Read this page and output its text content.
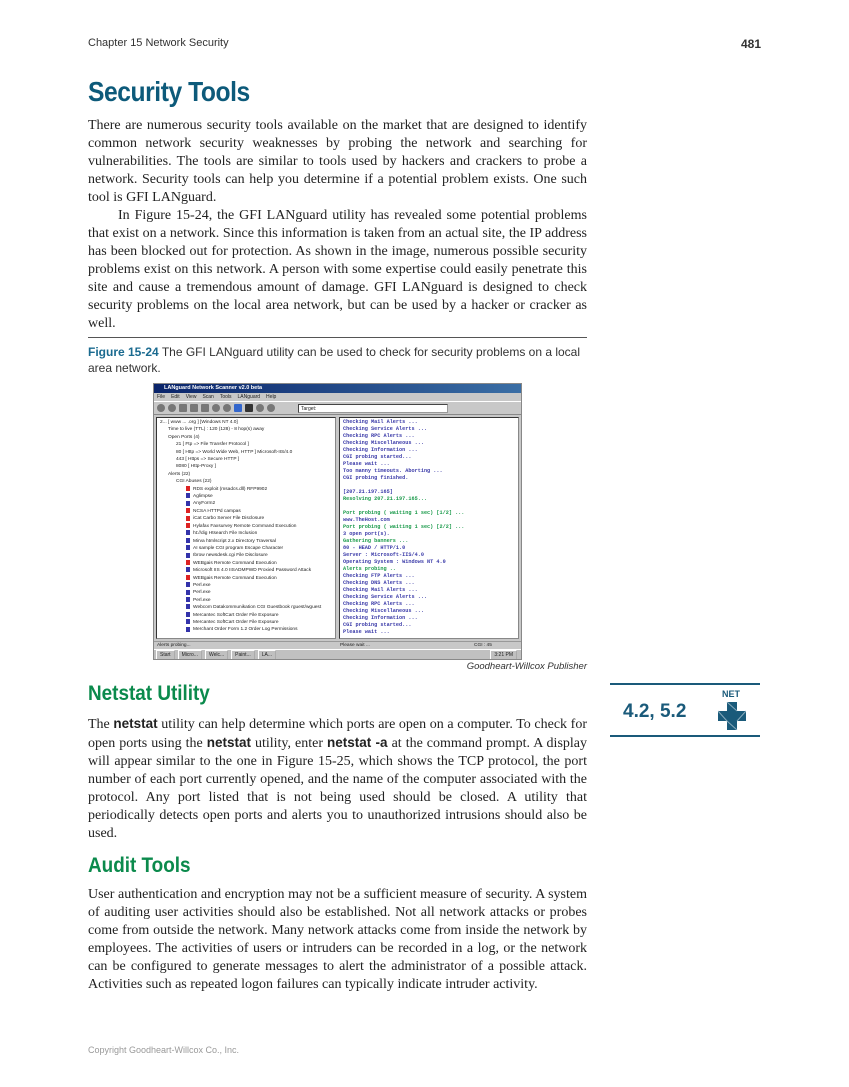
Chapter 15 Network Security	481
Security Tools
There are numerous security tools available on the market that are designed to identify common network security weaknesses by probing the network and searching for vulnerabilities. The tools are similar to tools used by hackers and crackers to probe a network. Security tools can help you determine if a potential problem exists. One such tool is GFI LANguard.
In Figure 15-24, the GFI LANguard utility has revealed some potential problems that exist on a network. Since this information is taken from an actual site, the IP address has been blocked out for protection. As shown in the image, numerous possible security problems exist on this network. A person with some expertise could easily penetrate this site and cause a tremendous amount of damage. GFI LANguard is designed to check security problems on the local area network, but can be used by a hacker or cracker as well.
Figure 15-24 The GFI LANguard utility can be used to check for security problems on a local area network.
LANguard Network Scanner v2.0 beta
File Edit View Scan Tools LANguard Help
Target:
2... [ www ... .org ] [Windows NT 4.0]
Time to live (TTL) : 120 (128) - 8 hop(s) away
Open Ports (4)
21 [ Ftp => File Transfer Protocol ]
80 [ Http => World Wide Web, HTTP ] Microsoft-IIS/4.0
443 [ Https => Secure HTTP ]
8080 [ Http-Proxy ]
Alerts (22)
CGI Abuses (22)
RDS exploit (msadcs.dll) RFP9902
Aglimpse
AnyForm2
NCSA HTTPd campas
iCat Carbo Server File Disclosure
Hylafax Faxsurvey Remote Command Execution
ht://dig Htsearch File Inclusion
Mirva htmlscript 2.x Directory Traversal
AI sample CGI program Escape Character
Ibrow newsdesk.cgi File Disclosure
WEBgais Remote Command Execution
Microsoft IIS 4.0 IISADMPWD Proxied Password Attack
WEBgais Remote Command Execution
Perl.exe
Perl.exe
Perl.exe
Webcom Datakommunikation CGI Guestbook rguest/wguest
Mercantec SoftCart Order File Exposure
Mercantec SoftCart Order File Exposure
Merchant Order Form 1.2 Order Log Permissions
Checking Mail Alerts ...
Checking Service Alerts ...
Checking RPC Alerts ...
Checking Miscellaneous ...
Checking Information ...
CGI probing started...
Please wait ...
Too manny timeouts. Aborting ...
CGI probing finished.

[207.21.197.165]
Resolving 207.21.197.165...

Port probing ( waiting 1 sec) [1/2] ...
www.TheHost.com
Port probing ( waiting 1 sec) [2/2] ...
3 open port(s).
Gathering banners ...
80 - HEAD / HTTP/1.0
Server : Microsoft-IIS/4.0
Operating System : Windows NT 4.0
Alerts probing ..
Checking FTP Alerts ...
Checking DNS Alerts ...
Checking Mail Alerts ...
Checking Service Alerts ...
Checking RPC Alerts ...
Checking Miscellaneous ...
Checking Information ...
CGI probing started...
Please wait ...
Alerts probing...	Please wait ...	CGI : 45
Start	Micro...	Welc...	Paint...	LA...	3:21 PM
Goodheart-Willcox Publisher
Netstat Utility
The netstat utility can help determine which ports are open on a computer. To check for open ports using the netstat utility, enter netstat -a at the command prompt. A display will appear similar to the one in Figure 15-25, which shows the TCP protocol, the port number of each port currently opened, and the name of the computer associated with the protocol. Any port listed that is not being used should be closed. A utility that periodically detects open ports and alerts you to unauthorized intrusions should also be used.
Audit Tools
User authentication and encryption may not be a sufficient measure of security. A system of auditing user activities should also be established. Not all network attacks or probes come from outside the network. Many network attacks come from inside the network by employees. The activities of users or intruders can be recorded in a log, or the network can be configured to generate messages to alert the administrator of a possible attack. Activities such as repeated logon failures can typically indicate intruder activity.
4.2, 5.2
NET
Copyright Goodheart-Willcox Co., Inc.
